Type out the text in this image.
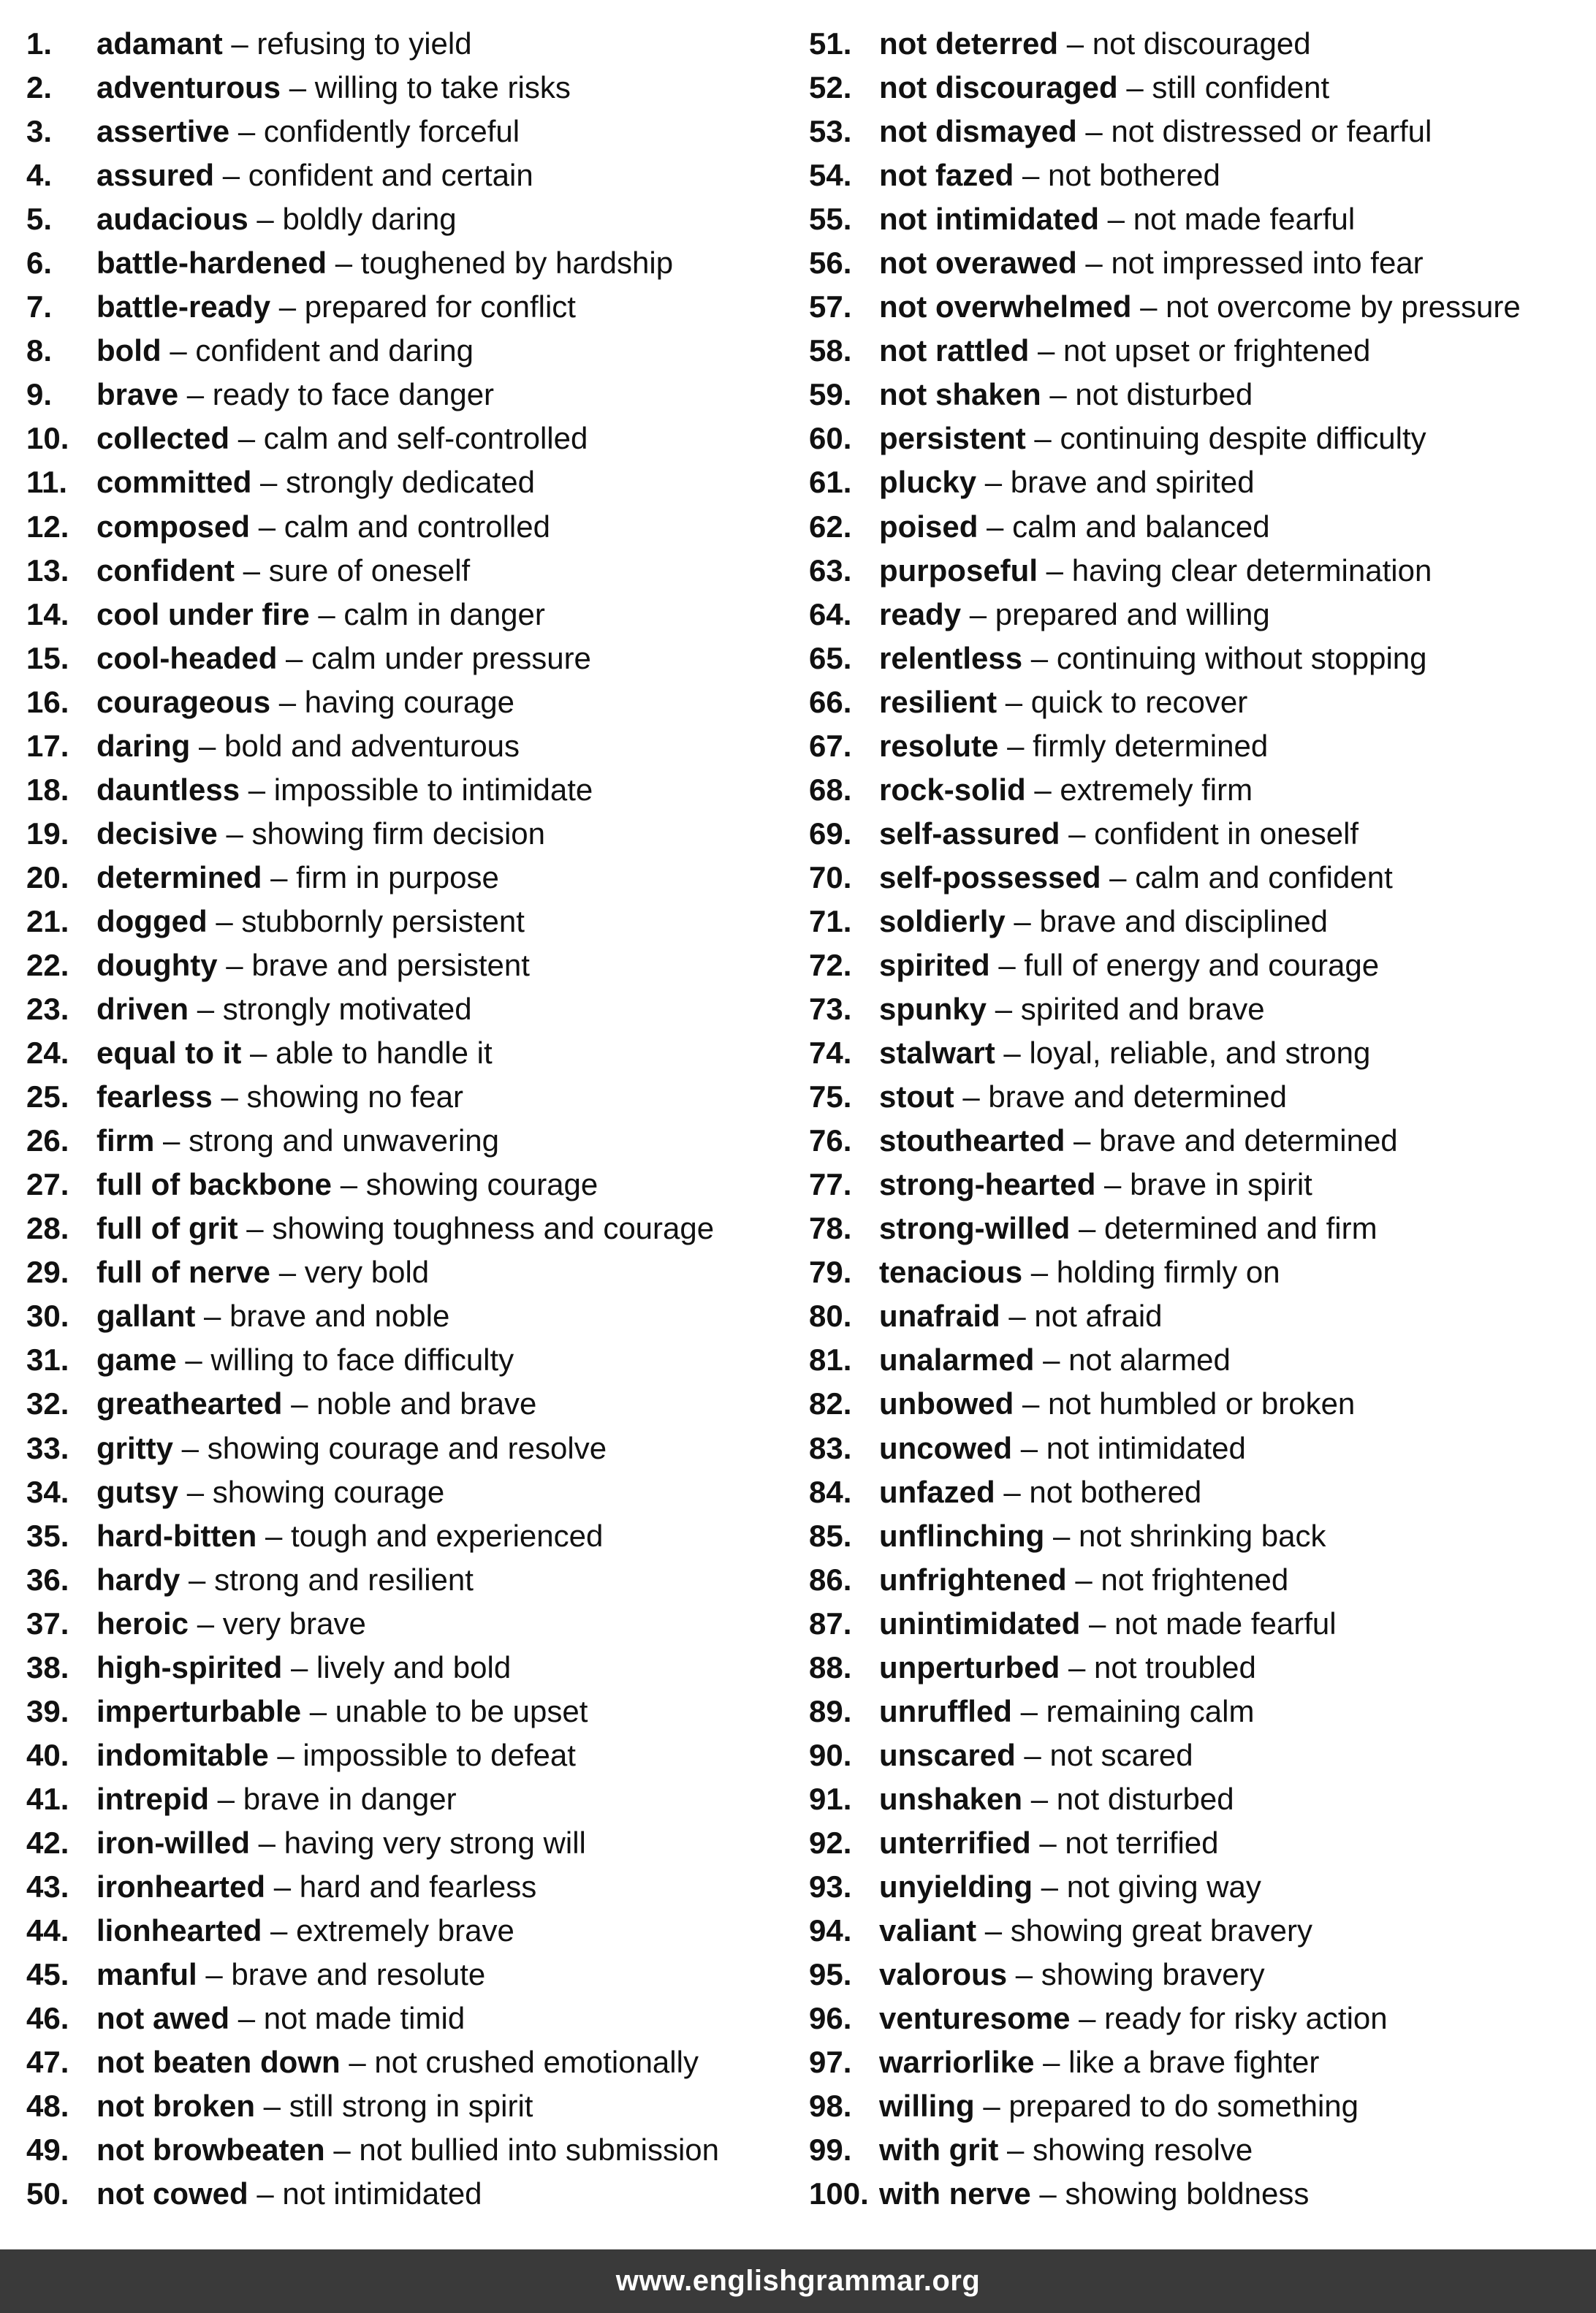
1. adamant – refusing to yield
2. adventurous – willing to take risks
3. assertive – confidently forceful
4. assured – confident and certain
5. audacious – boldly daring
6. battle-hardened – toughened by hardship
7. battle-ready – prepared for conflict
8. bold – confident and daring
9. brave – ready to face danger
10. collected – calm and self-controlled
11. committed – strongly dedicated
12. composed – calm and controlled
13. confident – sure of oneself
14. cool under fire – calm in danger
15. cool-headed – calm under pressure
16. courageous – having courage
17. daring – bold and adventurous
18. dauntless – impossible to intimidate
19. decisive – showing firm decision
20. determined – firm in purpose
21. dogged – stubbornly persistent
22. doughty – brave and persistent
23. driven – strongly motivated
24. equal to it – able to handle it
25. fearless – showing no fear
26. firm – strong and unwavering
27. full of backbone – showing courage
28. full of grit – showing toughness and courage
29. full of nerve – very bold
30. gallant – brave and noble
31. game – willing to face difficulty
32. greathearted – noble and brave
33. gritty – showing courage and resolve
34. gutsy – showing courage
35. hard-bitten – tough and experienced
36. hardy – strong and resilient
37. heroic – very brave
38. high-spirited – lively and bold
39. imperturbable – unable to be upset
40. indomitable – impossible to defeat
41. intrepid – brave in danger
42. iron-willed – having very strong will
43. ironhearted – hard and fearless
44. lionhearted – extremely brave
45. manful – brave and resolute
46. not awed – not made timid
47. not beaten down – not crushed emotionally
48. not broken – still strong in spirit
49. not browbeaten – not bullied into submission
50. not cowed – not intimidated
51. not deterred – not discouraged
52. not discouraged – still confident
53. not dismayed – not distressed or fearful
54. not fazed – not bothered
55. not intimidated – not made fearful
56. not overawed – not impressed into fear
57. not overwhelmed – not overcome by pressure
58. not rattled – not upset or frightened
59. not shaken – not disturbed
60. persistent – continuing despite difficulty
61. plucky – brave and spirited
62. poised – calm and balanced
63. purposeful – having clear determination
64. ready – prepared and willing
65. relentless – continuing without stopping
66. resilient – quick to recover
67. resolute – firmly determined
68. rock-solid – extremely firm
69. self-assured – confident in oneself
70. self-possessed – calm and confident
71. soldierly – brave and disciplined
72. spirited – full of energy and courage
73. spunky – spirited and brave
74. stalwart – loyal, reliable, and strong
75. stout – brave and determined
76. stouthearted – brave and determined
77. strong-hearted – brave in spirit
78. strong-willed – determined and firm
79. tenacious – holding firmly on
80. unafraid – not afraid
81. unalarmed – not alarmed
82. unbowed – not humbled or broken
83. uncowed – not intimidated
84. unfazed – not bothered
85. unflinching – not shrinking back
86. unfrightened – not frightened
87. unintimidated – not made fearful
88. unperturbed – not troubled
89. unruffled – remaining calm
90. unscared – not scared
91. unshaken – not disturbed
92. unterrified – not terrified
93. unyielding – not giving way
94. valiant – showing great bravery
95. valorous – showing bravery
96. venturesome – ready for risky action
97. warriorlike – like a brave fighter
98. willing – prepared to do something
99. with grit – showing resolve
100. with nerve – showing boldness
www.englishgrammar.org
